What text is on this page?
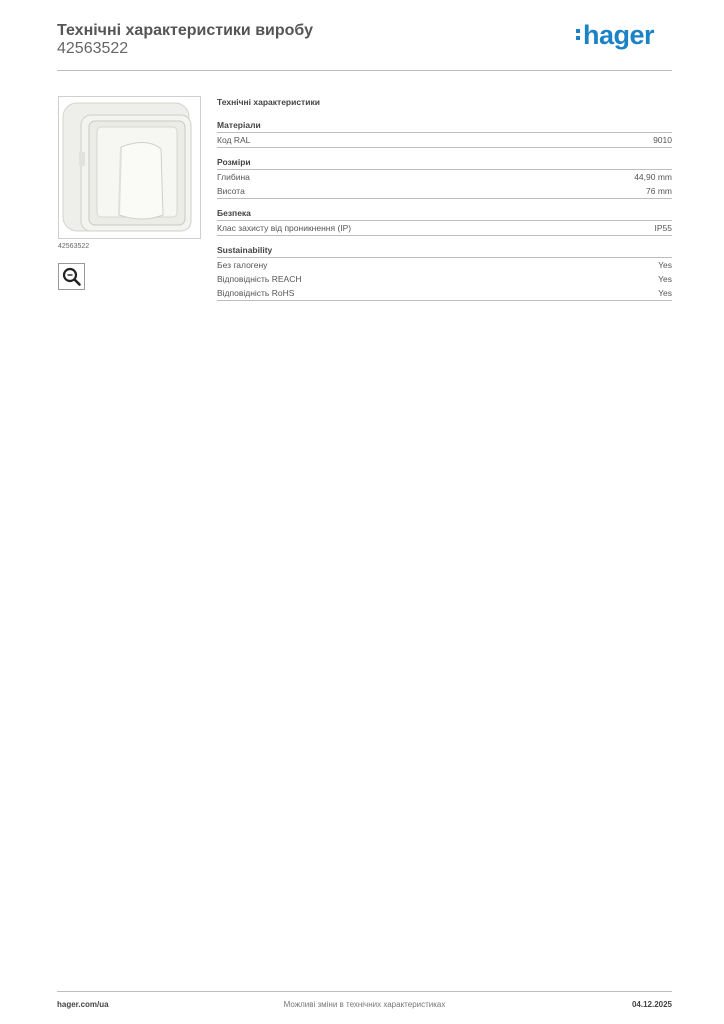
Технічні характеристики виробу
42563522	hager
42563522
Технічні характеристики
Матеріали
Код RAL	9010
Розміри
Глибина	44,90 mm
Висота	76 mm
Безпека
Клас захисту від проникнення (IP)	IP55
Sustainability
Без галогену	Yes
Відповідність REACH	Yes
Відповідність RoHS	Yes
hager.com/ua	Можливі зміни в технічних характеристиках	04.12.2025
